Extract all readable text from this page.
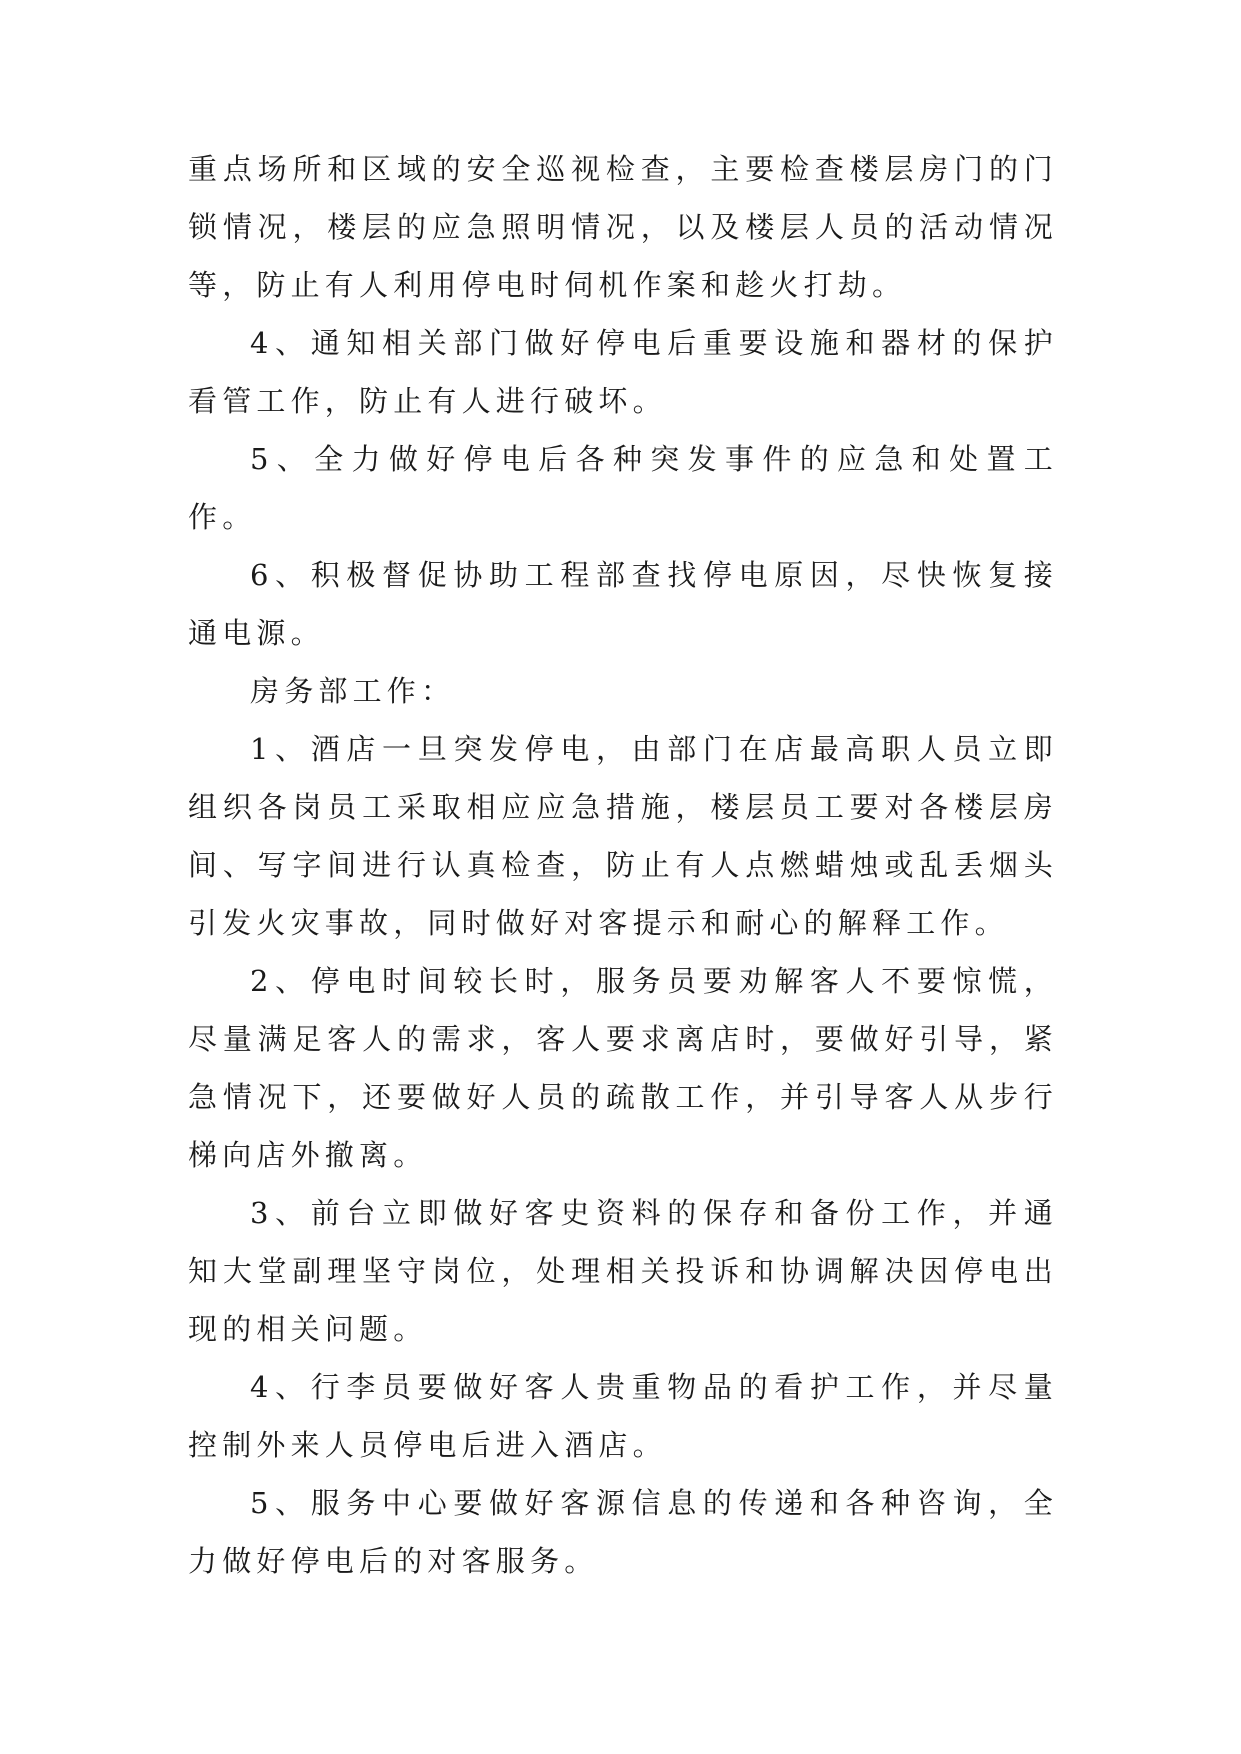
重点场所和区域的安全巡视检查，主要检查楼层房门的门锁情况，楼层的应急照明情况，以及楼层人员的活动情况等，防止有人利用停电时伺机作案和趁火打劫。

4、通知相关部门做好停电后重要设施和器材的保护看管工作，防止有人进行破坏。

5、全力做好停电后各种突发事件的应急和处置工作。

6、积极督促协助工程部查找停电原因，尽快恢复接通电源。

房务部工作：

1、酒店一旦突发停电，由部门在店最高职人员立即组织各岗员工采取相应应急措施，楼层员工要对各楼层房间、写字间进行认真检查，防止有人点燃蜡烛或乱丢烟头引发火灾事故，同时做好对客提示和耐心的解释工作。

2、停电时间较长时，服务员要劝解客人不要惊慌，尽量满足客人的需求，客人要求离店时，要做好引导，紧急情况下，还要做好人员的疏散工作，并引导客人从步行梯向店外撤离。

3、前台立即做好客史资料的保存和备份工作，并通知大堂副理坚守岗位，处理相关投诉和协调解决因停电出现的相关问题。

4、行李员要做好客人贵重物品的看护工作，并尽量控制外来人员停电后进入酒店。

5、服务中心要做好客源信息的传递和各种咨询，全力做好停电后的对客服务。
